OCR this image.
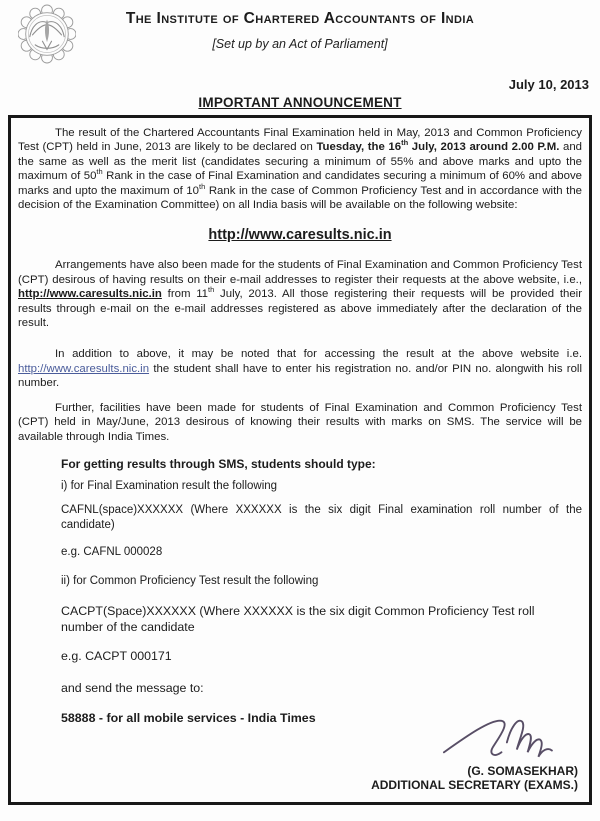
The Institute of Chartered Accountants of India
[Set up by an Act of Parliament]
July 10, 2013
IMPORTANT ANNOUNCEMENT

The result of the Chartered Accountants Final Examination held in May, 2013 and Common Proficiency Test (CPT) held in June, 2013 are likely to be declared on Tuesday, the 16th July, 2013 around 2.00 P.M. and the same as well as the merit list (candidates securing a minimum of 55% and above marks and upto the maximum of 50th Rank in the case of Final Examination and candidates securing a minimum of 60% and above marks and upto the maximum of 10th Rank in the case of Common Proficiency Test and in accordance with the decision of the Examination Committee) on all India basis will be available on the following website:

http://www.caresults.nic.in

Arrangements have also been made for the students of Final Examination and Common Proficiency Test (CPT) desirous of having results on their e-mail addresses to register their requests at the above website, i.e., http://www.caresults.nic.in from 11th July, 2013. All those registering their requests will be provided their results through e-mail on the e-mail addresses registered as above immediately after the declaration of the result.

In addition to above, it may be noted that for accessing the result at the above website i.e. http://www.caresults.nic.in the student shall have to enter his registration no. and/or PIN no. alongwith his roll number.

Further, facilities have been made for students of Final Examination and Common Proficiency Test (CPT) held in May/June, 2013 desirous of knowing their results with marks on SMS. The service will be available through India Times.

For getting results through SMS, students should type:

i) for Final Examination result the following

CAFNL(space)XXXXXX (Where XXXXXX is the six digit Final examination roll number of the candidate)

e.g. CAFNL 000028

ii) for Common Proficiency Test result the following

CACPT(Space)XXXXXX (Where XXXXXX is the six digit Common Proficiency Test roll number of the candidate

e.g. CACPT 000171

and send the message to:

58888 - for all mobile services - India Times

(G. SOMASEKHAR)
ADDITIONAL SECRETARY (EXAMS.)
